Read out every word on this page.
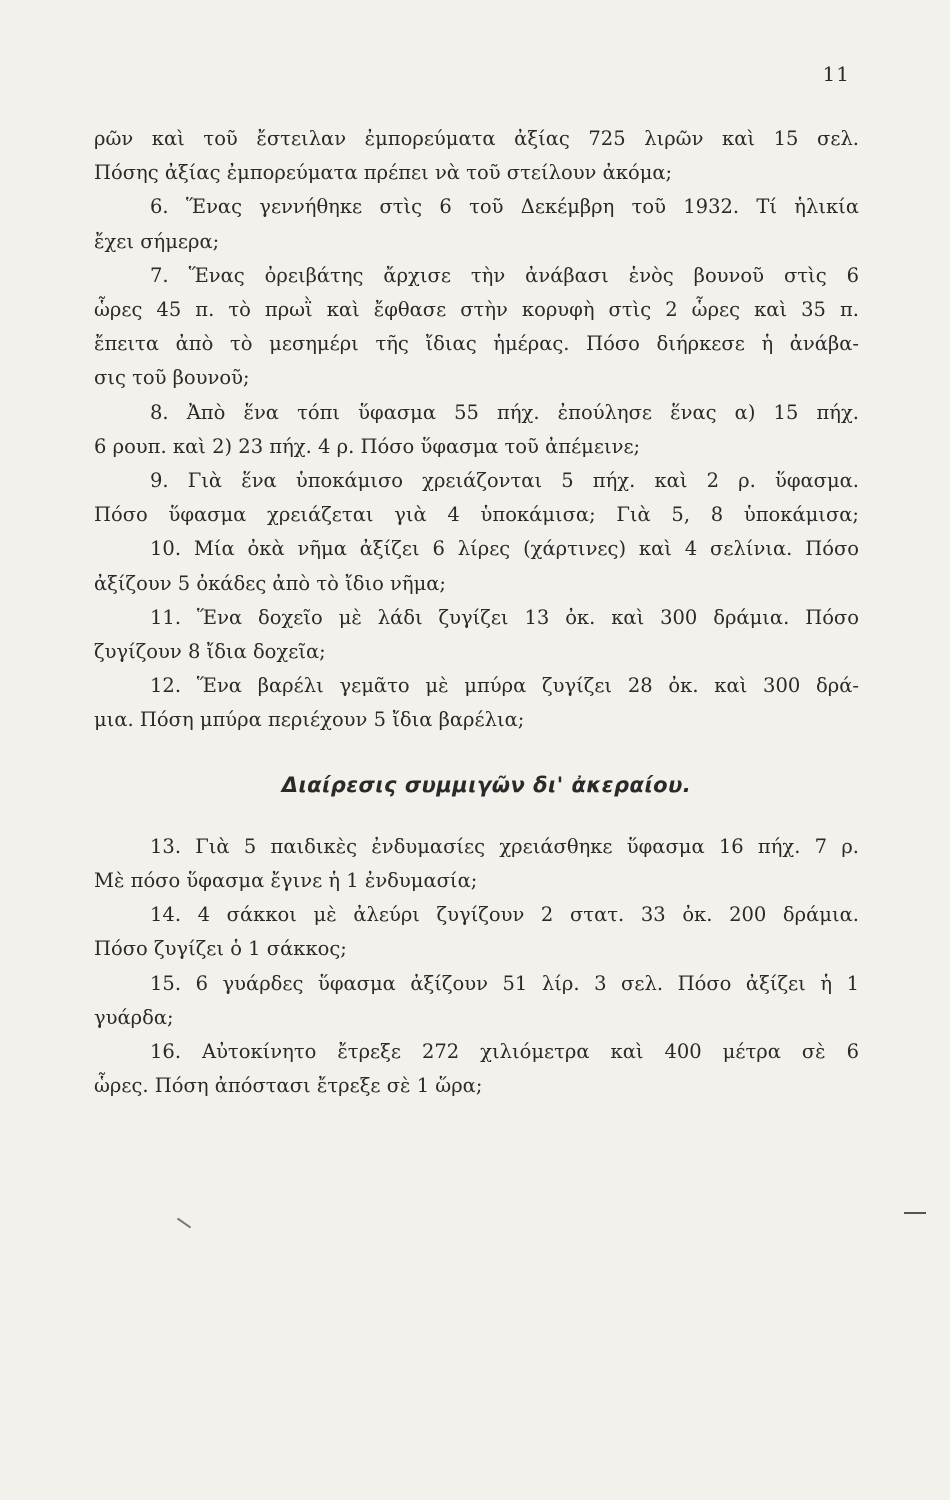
11
ρῶν καὶ τοῦ ἔστειλαν ἐμπορεύματα ἀξίας 725 λιρῶν καὶ 15 σελ.
Πόσης ἀξίας ἐμπορεύματα πρέπει νὰ τοῦ στείλουν ἀκόμα;
6. Ἕνας γεννήθηκε στὶς 6 τοῦ Δεκέμβρη τοῦ 1932. Τί ἡλικία
ἔχει σήμερα;
7. Ἕνας ὀρειβάτης ἄρχισε τὴν ἀνάβασι ἑνὸς βουνοῦ στὶς 6
ὧρες 45 π. τὸ πρωῒ καὶ ἔφθασε στὴν κορυφὴ στὶς 2 ὧρες καὶ 35 π.
ἔπειτα ἀπὸ τὸ μεσημέρι τῆς ἴδιας ἡμέρας. Πόσο διήρκεσε ἡ ἀνάβα-
σις τοῦ βουνοῦ;
8. Ἀπὸ ἕνα τόπι ὕφασμα 55 πήχ. ἐπούλησε ἕνας α) 15 πήχ.
6 ρουπ. καὶ 2) 23 πήχ. 4 ρ. Πόσο ὕφασμα τοῦ ἀπέμεινε;
9. Γιὰ ἕνα ὑποκάμισο χρειάζονται 5 πήχ. καὶ 2 ρ. ὕφασμα.
Πόσο ὕφασμα χρειάζεται γιὰ 4 ὑποκάμισα; Γιὰ 5, 8 ὑποκάμισα;
10. Μία ὀκὰ νῆμα ἀξίζει 6 λίρες (χάρτινες) καὶ 4 σελίνια. Πόσο
ἀξίζουν 5 ὀκάδες ἀπὸ τὸ ἴδιο νῆμα;
11. Ἕνα δοχεῖο μὲ λάδι ζυγίζει 13 ὀκ. καὶ 300 δράμια. Πόσο
ζυγίζουν 8 ἴδια δοχεῖα;
12. Ἕνα βαρέλι γεμᾶτο μὲ μπύρα ζυγίζει 28 ὀκ. καὶ 300 δρά-
μια. Πόση μπύρα περιέχουν 5 ἴδια βαρέλια;
Διαίρεσις συμμιγῶν δι' ἀκεραίου.
13. Γιὰ 5 παιδικὲς ἐνδυμασίες χρειάσθηκε ὕφασμα 16 πήχ. 7 ρ.
Μὲ πόσο ὕφασμα ἔγινε ἡ 1 ἐνδυμασία;
14. 4 σάκκοι μὲ ἀλεύρι ζυγίζουν 2 στατ. 33 ὀκ. 200 δράμια.
Πόσο ζυγίζει ὁ 1 σάκκος;
15. 6 γυάρδες ὕφασμα ἀξίζουν 51 λίρ. 3 σελ. Πόσο ἀξίζει ἡ 1
γυάρδα;
16. Αὐτοκίνητο ἔτρεξε 272 χιλιόμετρα καὶ 400 μέτρα σὲ 6
ὧρες. Πόση ἀπόστασι ἔτρεξε σὲ 1 ὥρα;
